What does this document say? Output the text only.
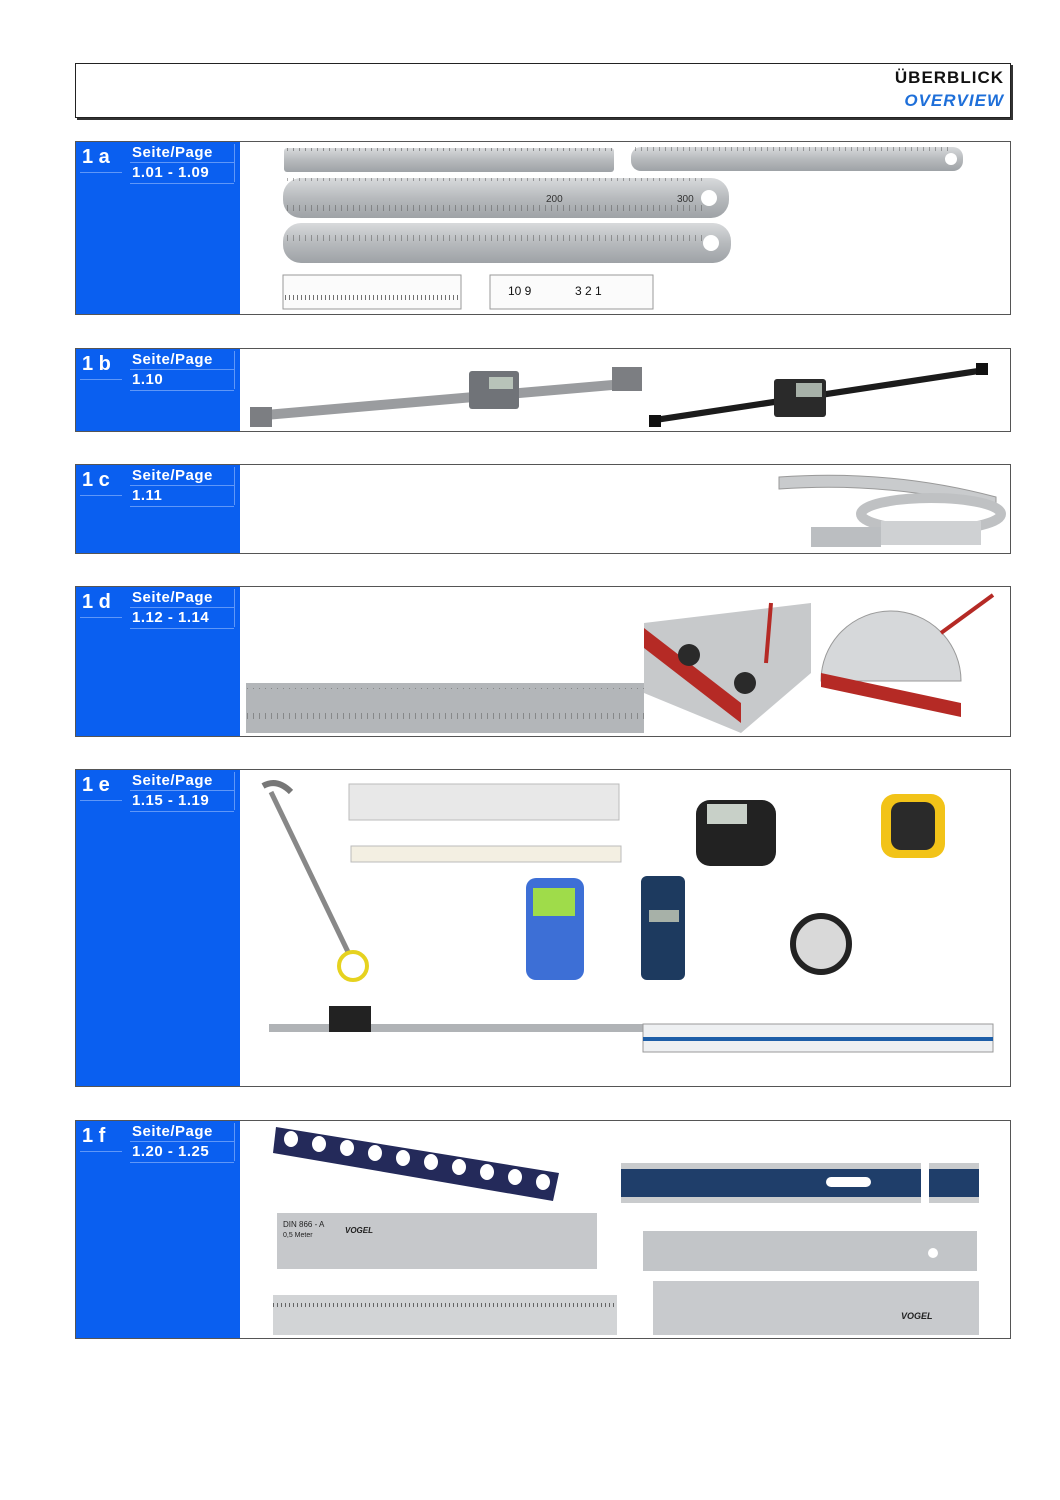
ÜBERBLICK
OVERVIEW
1 a Seite/Page
1.01 - 1.09
200	300
10 9	3 2 1
1 b Seite/Page
1.10
1 c Seite/Page
1.11
1 d Seite/Page
1.12 - 1.14
1 e Seite/Page
1.15 - 1.19
1 f Seite/Page
1.20 - 1.25
DIN 866 - A
0,5 Meter
VOGEL
VOGEL
